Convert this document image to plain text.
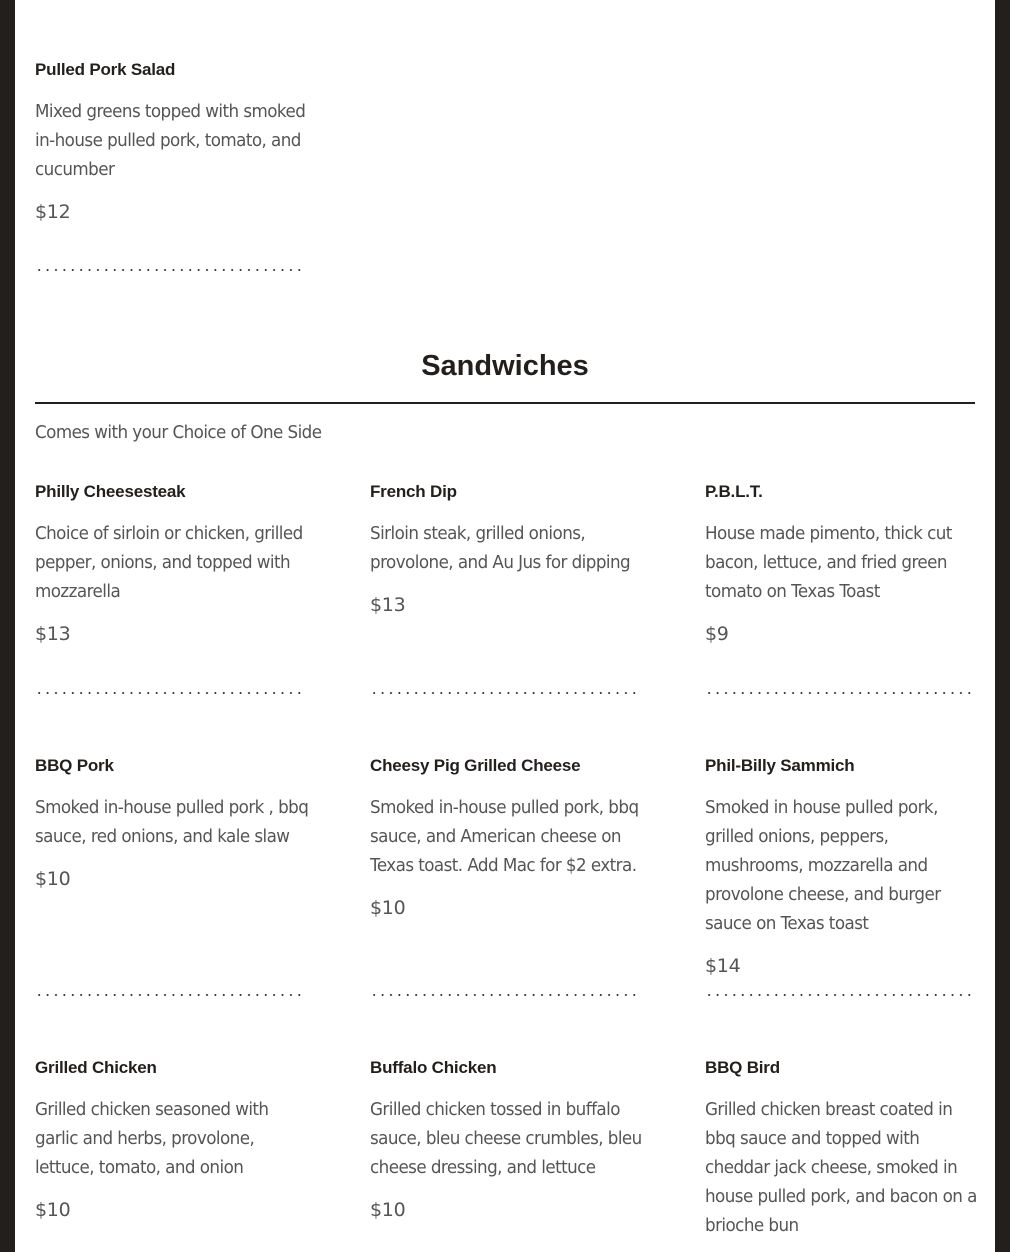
Pulled Pork Salad

Mixed greens topped with smoked in-house pulled pork, tomato, and cucumber

$12

Sandwiches
Comes with your Choice of One Side
Philly Cheesesteak

Choice of sirloin or chicken, grilled pepper, onions, and topped with mozzarella

$13

French Dip

Sirloin steak, grilled onions, provolone, and Au Jus for dipping

$13

P.B.L.T.

House made pimento, thick cut bacon, lettuce, and fried green tomato on Texas Toast

$9

BBQ Pork

Smoked in-house pulled pork , bbq sauce, red onions, and kale slaw

$10

Cheesy Pig Grilled Cheese

Smoked in-house pulled pork, bbq sauce, and American cheese on Texas toast. Add Mac for $2 extra.

$10

Phil-Billy Sammich

Smoked in house pulled pork, grilled onions, peppers, mushrooms, mozzarella and provolone cheese, and burger sauce on Texas toast

$14

Grilled Chicken

Grilled chicken seasoned with garlic and herbs, provolone, lettuce, tomato, and onion

$10

Buffalo Chicken

Grilled chicken tossed in buffalo sauce, bleu cheese crumbles, bleu cheese dressing, and lettuce

$10

BBQ Bird

Grilled chicken breast coated in bbq sauce and topped with cheddar jack cheese, smoked in house pulled pork, and bacon on a brioche bun
